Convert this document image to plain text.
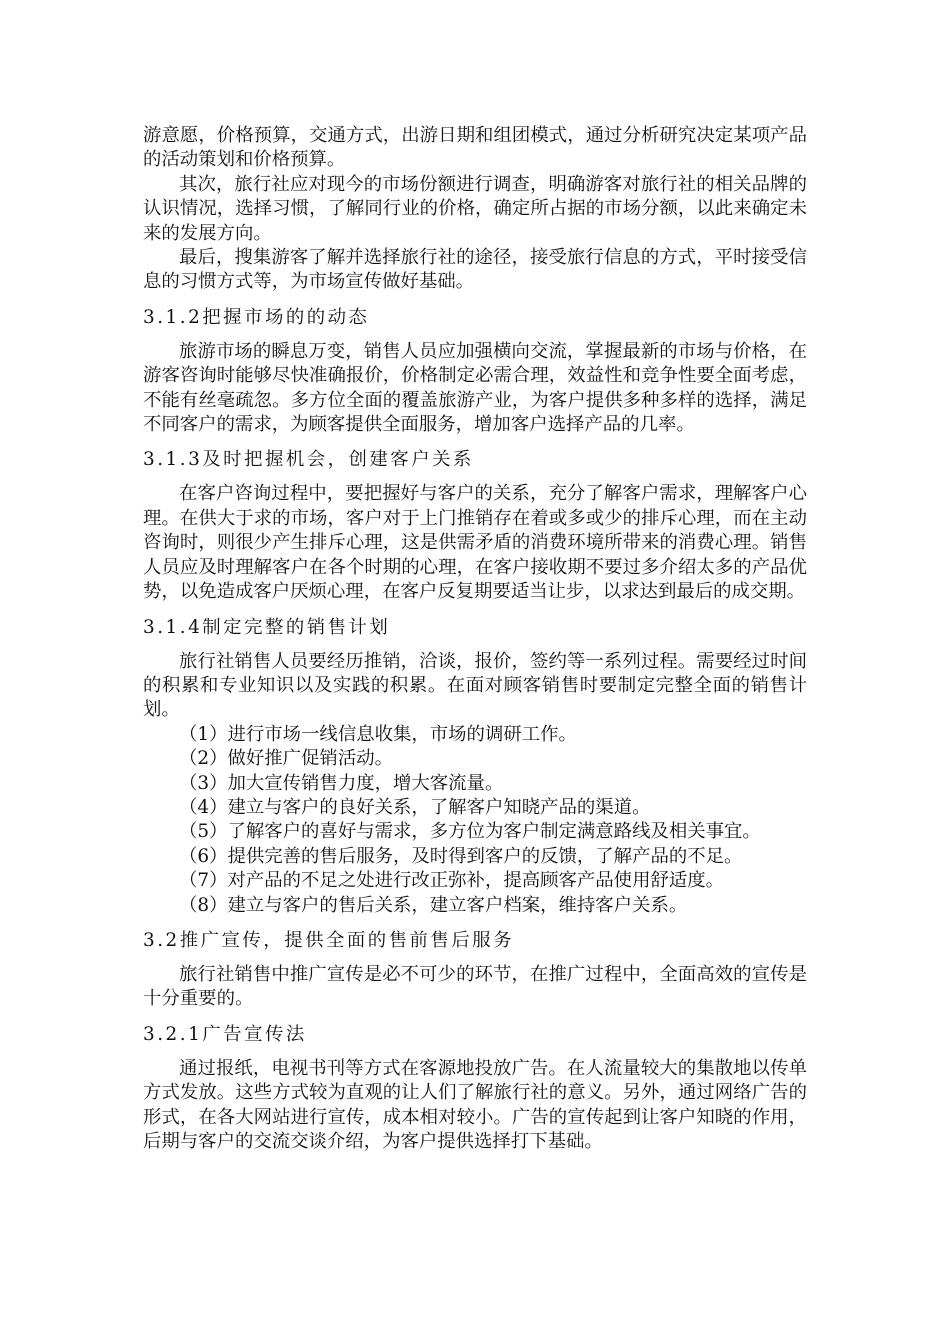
游意愿，价格预算，交通方式，出游日期和组团模式，通过分析研究决定某项产品的活动策划和价格预算。

其次，旅行社应对现今的市场份额进行调查，明确游客对旅行社的相关品牌的认识情况，选择习惯，了解同行业的价格，确定所占据的市场分额，以此来确定未来的发展方向。

最后，搜集游客了解并选择旅行社的途径，接受旅行信息的方式，平时接受信息的习惯方式等，为市场宣传做好基础。

3.1.2把握市场的的动态

旅游市场的瞬息万变，销售人员应加强横向交流，掌握最新的市场与价格，在游客咨询时能够尽快准确报价，价格制定必需合理，效益性和竞争性要全面考虑，不能有丝毫疏忽。多方位全面的覆盖旅游产业，为客户提供多种多样的选择，满足不同客户的需求，为顾客提供全面服务，增加客户选择产品的几率。

3.1.3及时把握机会，创建客户关系

在客户咨询过程中，要把握好与客户的关系，充分了解客户需求，理解客户心理。在供大于求的市场，客户对于上门推销存在着或多或少的排斥心理，而在主动咨询时，则很少产生排斥心理，这是供需矛盾的消费环境所带来的消费心理。销售人员应及时理解客户在各个时期的心理，在客户接收期不要过多介绍太多的产品优势，以免造成客户厌烦心理，在客户反复期要适当让步，以求达到最后的成交期。

3.1.4制定完整的销售计划

旅行社销售人员要经历推销，洽谈，报价，签约等一系列过程。需要经过时间的积累和专业知识以及实践的积累。在面对顾客销售时要制定完整全面的销售计划。

（1）进行市场一线信息收集，市场的调研工作。
（2）做好推广促销活动。
（3）加大宣传销售力度，增大客流量。
（4）建立与客户的良好关系，了解客户知晓产品的渠道。
（5）了解客户的喜好与需求，多方位为客户制定满意路线及相关事宜。
（6）提供完善的售后服务，及时得到客户的反馈，了解产品的不足。
（7）对产品的不足之处进行改正弥补，提高顾客产品使用舒适度。
（8）建立与客户的售后关系，建立客户档案，维持客户关系。
3.2推广宣传，提供全面的售前售后服务

旅行社销售中推广宣传是必不可少的环节，在推广过程中，全面高效的宣传是十分重要的。

3.2.1广告宣传法

通过报纸，电视书刊等方式在客源地投放广告。在人流量较大的集散地以传单方式发放。这些方式较为直观的让人们了解旅行社的意义。另外，通过网络广告的形式，在各大网站进行宣传，成本相对较小。广告的宣传起到让客户知晓的作用，后期与客户的交流交谈介绍，为客户提供选择打下基础。
